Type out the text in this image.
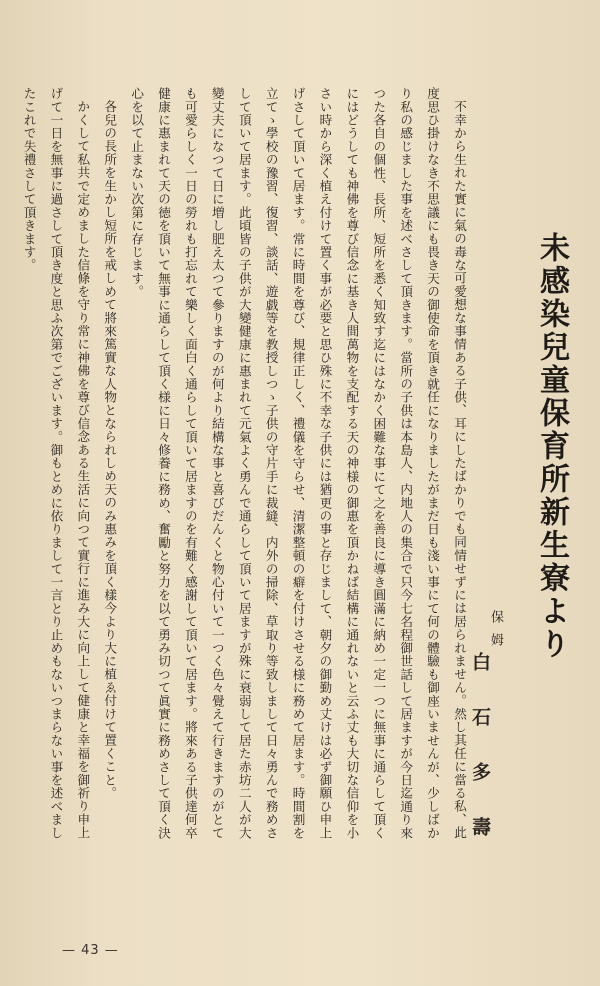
未感染兒童保育所新生寮より
保姆
白石多壽

不幸から生れた實に氣の毒な可愛想な事情ある子供、耳にしたばかりでも同情せずには居られません。然し其任に當る私、此度思ひ掛けなき不思議にも畏き天の御使命を頂き就任になりましたがまだ日も淺い事にて何の體驗も御座いませんが、少しばかり私の感じました事を述べさして頂きます。當所の子供は本島人、内地人の集合で只今七名程御世話して居ますが今日迄通り來つた各自の個性、長所、短所を悉く知致す迄にはなかく困難な事にて之を善良に導き圓滿に納め一定一つに無事に通らして頂くにはどうしても神佛を尊び信念に基き人間萬物を支配する天の神様の御惠を頂かねば結構に通れないと云ふ丈も大切な信仰を小さい時から深く植え付けて置く事が必要と思ひ殊に不幸な子供には猶更の事と存じまして、朝夕の御勤め丈けは必ず御願ひ申上げさして頂いて居ます。常に時間を尊び、規律正しく、禮儀を守らせ、清潔整頓の癖を付けさせる様に務めて居ます。時間割を立てゝ學校の豫習、復習、談話、遊戯等を教授しつゝ子供の守片手に裁縫、内外の掃除、草取り等致しまして日々勇んで務めさして頂いて居ます。此頃皆の子供が大變健康に惠まれて元氣よく勇んで通らして頂いて居ますが殊に衰弱して居た赤坊二人が大變丈夫になつて日に増し肥え太つて參りますのが何より結構な事と喜びだんくと物心付いて一つく色々覺えて行きますのがとても可愛らしく一日の勞れも打忘れて樂しく面白く通らして頂いて居ますのを有難く感謝して頂いて居ます。將來ある子供達何卒健康に惠まれて天の徳を頂いて無事に通らして頂く様に日々修養に務め、奮勵と努力を以て勇み切つて眞實に務めさして頂く決心を以て止まない次第に存じます。

各兒の長所を生かし短所を戒しめて將來篤實な人物となられしめ天のみ惠みを頂く樣今より大に植ゑ付けて置くこと。

かくして私共で定めました信條を守り常に神佛を尊び信念ある生活に向つて實行に進み大に向上して健康と幸福を御祈り申上げて一日を無事に過さして頂き度と思ふ次第でございます。御もとめに依りまして一言とり止めもないつまらない事を述べましたこれで失禮さして頂きます。

— 43 —
